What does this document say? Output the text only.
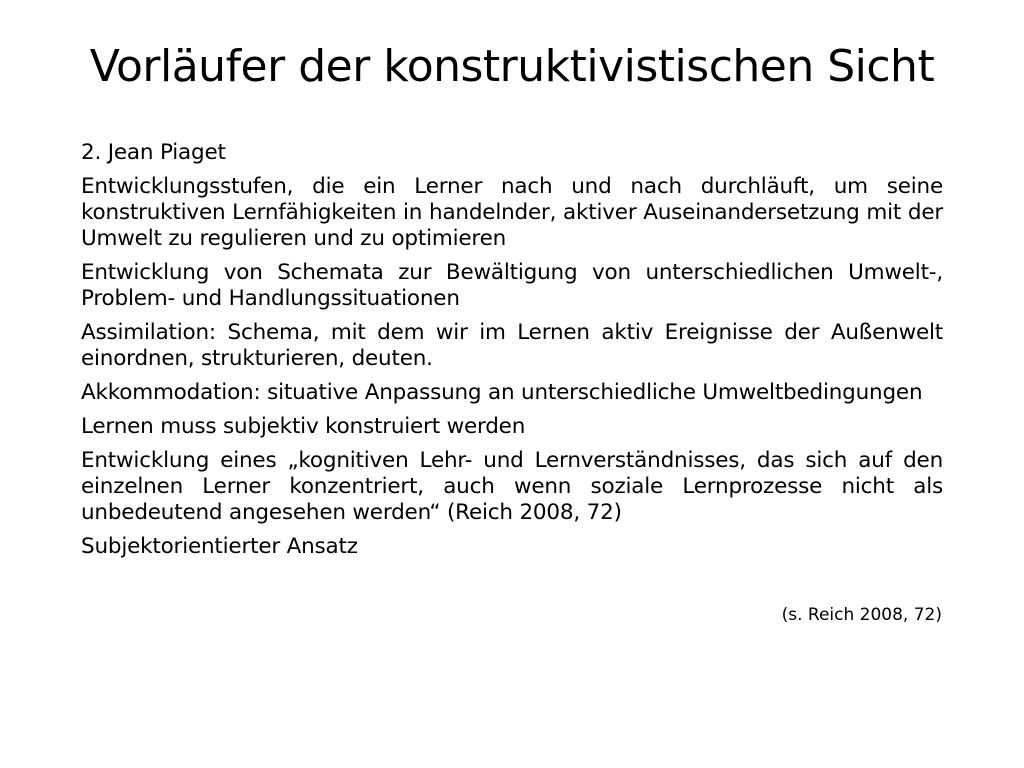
Vorläufer der konstruktivistischen Sicht

2. Jean Piaget

Entwicklungsstufen, die ein Lerner nach und nach durchläuft, um seine konstruktiven Lernfähigkeiten in handelnder, aktiver Auseinandersetzung mit der Umwelt zu regulieren und zu optimieren

Entwicklung von Schemata zur Bewältigung von unterschiedlichen Umwelt-, Problem- und Handlungssituationen

Assimilation: Schema, mit dem wir im Lernen aktiv Ereignisse der Außenwelt einordnen, strukturieren, deuten.

Akkommodation: situative Anpassung an unterschiedliche Umweltbedingungen

Lernen muss subjektiv konstruiert werden

Entwicklung eines „kognitiven Lehr- und Lernverständnisses, das sich auf den einzelnen Lerner konzentriert, auch wenn soziale Lernprozesse nicht als unbedeutend angesehen werden“ (Reich 2008, 72)

Subjektorientierter Ansatz

(s. Reich 2008, 72)
